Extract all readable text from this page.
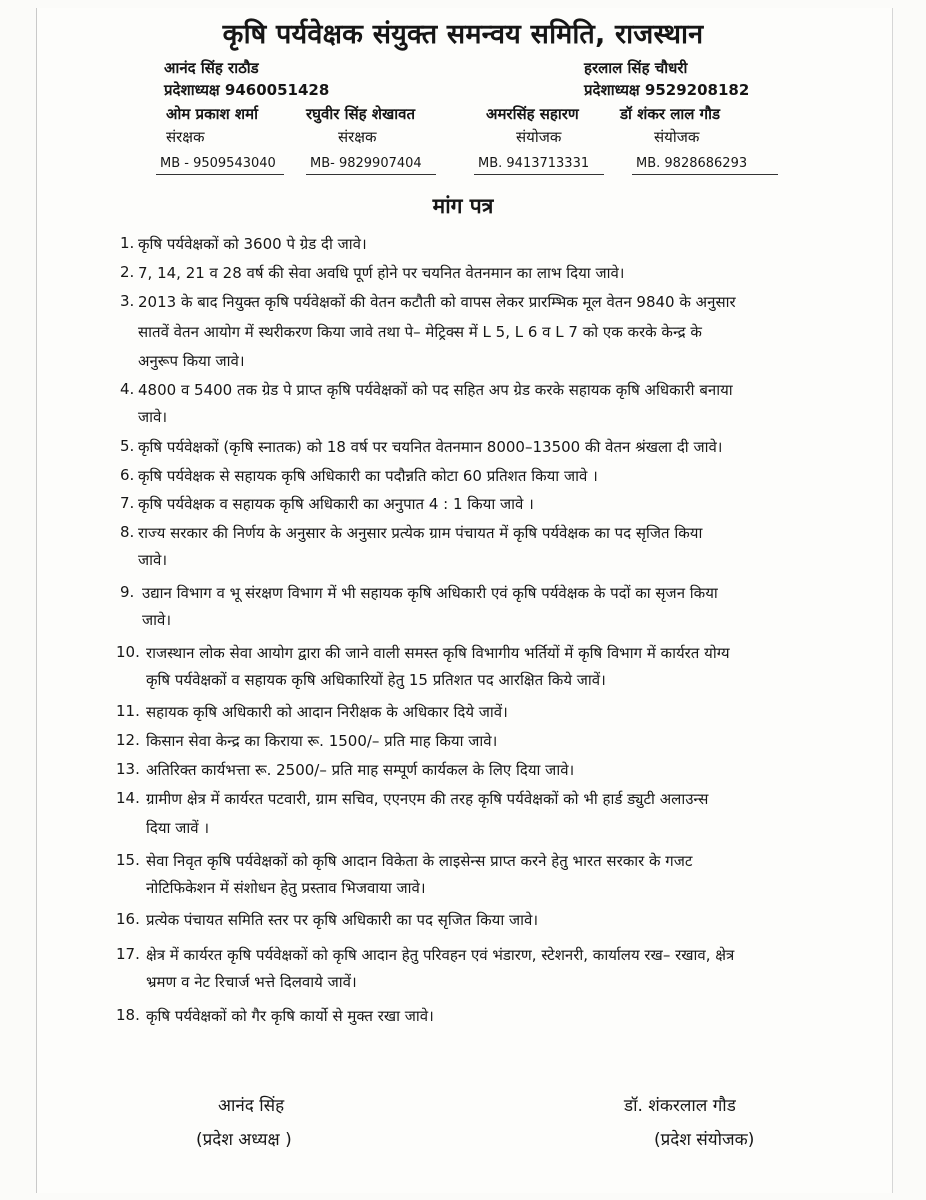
कृषि पर्यवेक्षक संयुक्त समन्वय समिति, राजस्थान
आनंद सिंह राठौड
प्रदेशाध्यक्ष 9460051428
हरलाल सिंह चौधरी
प्रदेशाध्यक्ष 9529208182
ओम प्रकाश शर्मा	रघुवीर सिंह शेखावत	अमरसिंह सहारण	डॉ शंकर लाल गौड
संरक्षक	संरक्षक	संयोजक	संयोजक
MB - 9509543040	MB- 9829907404	MB. 9413713331	MB. 9828686293
मांग पत्र
1. कृषि पर्यवेक्षकों को 3600 पे ग्रेड दी जावे।
2. 7, 14, 21 व 28 वर्ष की सेवा अवधि पूर्ण होने पर चयनित वेतनमान का लाभ दिया जावे।
3. 2013 के बाद नियुक्त कृषि पर्यवेक्षकों की वेतन कटौती को वापस लेकर प्रारम्भिक मूल वेतन 9840 के अनुसार
सातवें वेतन आयोग में स्थरीकरण किया जावे तथा पे– मेट्रिक्स में L 5, L 6 व L 7 को एक करके केन्द्र के
अनुरूप किया जावे।
4. 4800 व 5400 तक ग्रेड पे प्राप्त कृषि पर्यवेक्षकों को पद सहित अप ग्रेड करके सहायक कृषि अधिकारी बनाया
जावे।
5. कृषि पर्यवेक्षकों (कृषि स्नातक) को 18 वर्ष पर चयनित वेतनमान 8000–13500 की वेतन श्रंखला दी जावे।
6. कृषि पर्यवेक्षक से सहायक कृषि अधिकारी का पदौन्नति कोटा 60 प्रतिशत किया जावे ।
7. कृषि पर्यवेक्षक व सहायक कृषि अधिकारी का अनुपात 4 : 1 किया जावे ।
8. राज्य सरकार की निर्णय के अनुसार के अनुसार प्रत्येक ग्राम पंचायत में कृषि पर्यवेक्षक का पद सृजित किया
जावे।
9. उद्यान विभाग व भू संरक्षण विभाग में भी सहायक कृषि अधिकारी एवं कृषि पर्यवेक्षक के पदों का सृजन किया
जावे।
10. राजस्थान लोक सेवा आयोग द्वारा की जाने वाली समस्त कृषि विभागीय भर्तियों में कृषि विभाग में कार्यरत योग्य
कृषि पर्यवेक्षकों व सहायक कृषि अधिकारियों हेतु 15 प्रतिशत पद आरक्षित किये जावें।
11. सहायक कृषि अधिकारी को आदान निरीक्षक के अधिकार दिये जावें।
12. किसान सेवा केन्द्र का किराया रू. 1500/– प्रति माह किया जावे।
13. अतिरिक्त कार्यभत्ता रू. 2500/– प्रति माह सम्पूर्ण कार्यकल के लिए दिया जावे।
14. ग्रामीण क्षेत्र में कार्यरत पटवारी, ग्राम सचिव, एएनएम की तरह कृषि पर्यवेक्षकों को भी हार्ड ड्युटी अलाउन्स
दिया जावें ।
15. सेवा निवृत कृषि पर्यवेक्षकों को कृषि आदान विकेता के लाइसेन्स प्राप्त करने हेतु भारत सरकार के गजट
नोटिफिकेशन में संशोधन हेतु प्रस्ताव भिजवाया जावे।
16. प्रत्येक पंचायत समिति स्तर पर कृषि अधिकारी का पद सृजित किया जावे।
17. क्षेत्र में कार्यरत कृषि पर्यवेक्षकों को कृषि आदान हेतु परिवहन एवं भंडारण, स्टेशनरी, कार्यालय रख– रखाव, क्षेत्र
भ्रमण व नेट रिचार्ज भत्ते दिलवाये जावें।
18. कृषि पर्यवेक्षकों को गैर कृषि कार्यो से मुक्त रखा जावे।
आनंद सिंह
(प्रदेश अध्यक्ष )
डॉ. शंकरलाल गौड
(प्रदेश संयोजक)
